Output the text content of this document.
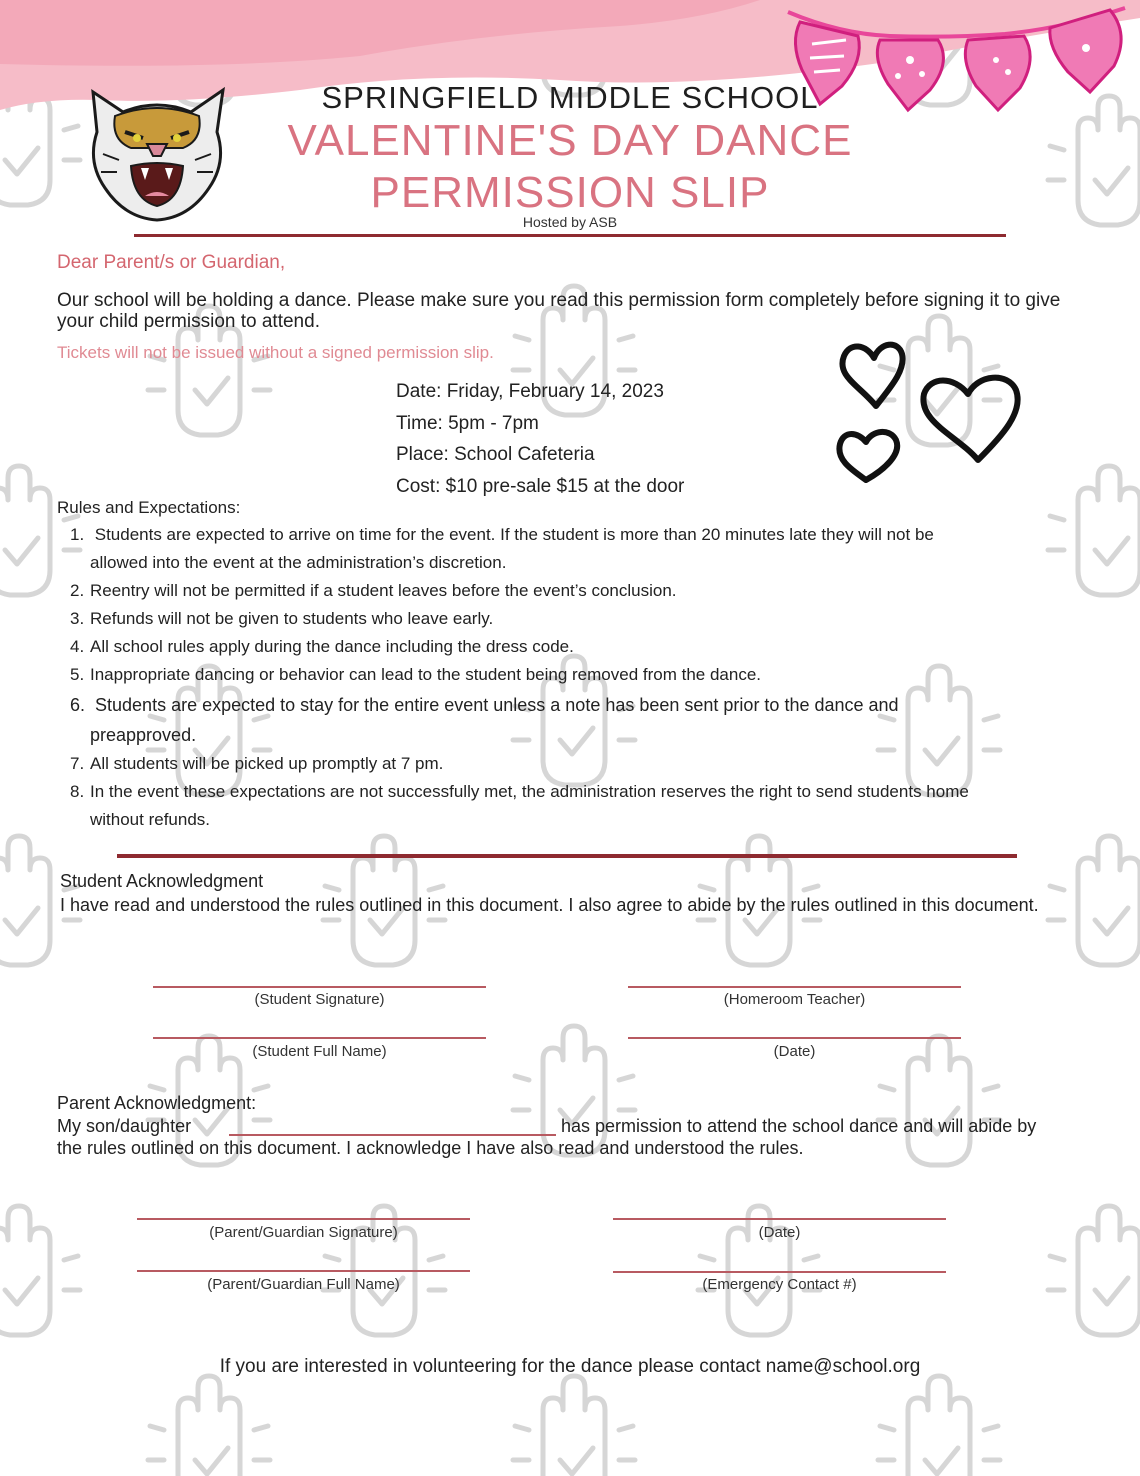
SPRINGFIELD MIDDLE SCHOOL
VALENTINE'S DAY DANCE
PERMISSION SLIP
Hosted by ASB
Dear Parent/s or Guardian,
Our school will be holding a dance. Please make sure you read this permission form completely before signing it to give your child permission to attend.
Tickets will not be issued without a signed permission slip.
Date: Friday, February 14, 2023
Time: 5pm - 7pm
Place: School Cafeteria
Cost: $10 pre-sale $15 at the door
Rules and Expectations:
1. Students are expected to arrive on time for the event. If the student is more than 20 minutes late they will not be
allowed into the event at the administration’s discretion.
2. Reentry will not be permitted if a student leaves before the event’s conclusion.
3. Refunds will not be given to students who leave early.
4. All school rules apply during the dance including the dress code.
5. Inappropriate dancing or behavior can lead to the student being removed from the dance.
6. Students are expected to stay for the entire event unless a note has been sent prior to the dance and
preapproved.
7. All students will be picked up promptly at 7 pm.
8. In the event these expectations are not successfully met, the administration reserves the right to send students home
without refunds.
Student Acknowledgment
I have read and understood the rules outlined in this document. I also agree to abide by the rules outlined in this document.
(Student Signature)	(Homeroom Teacher)
(Student Full Name)	(Date)
Parent Acknowledgment:
My son/daughter	has permission to attend the school dance and will abide by
the rules outlined on this document. I acknowledge I have also read and understood the rules.
(Parent/Guardian Signature)	(Date)
(Parent/Guardian Full Name)	(Emergency Contact #)
If you are interested in volunteering for the dance please contact name@school.org
